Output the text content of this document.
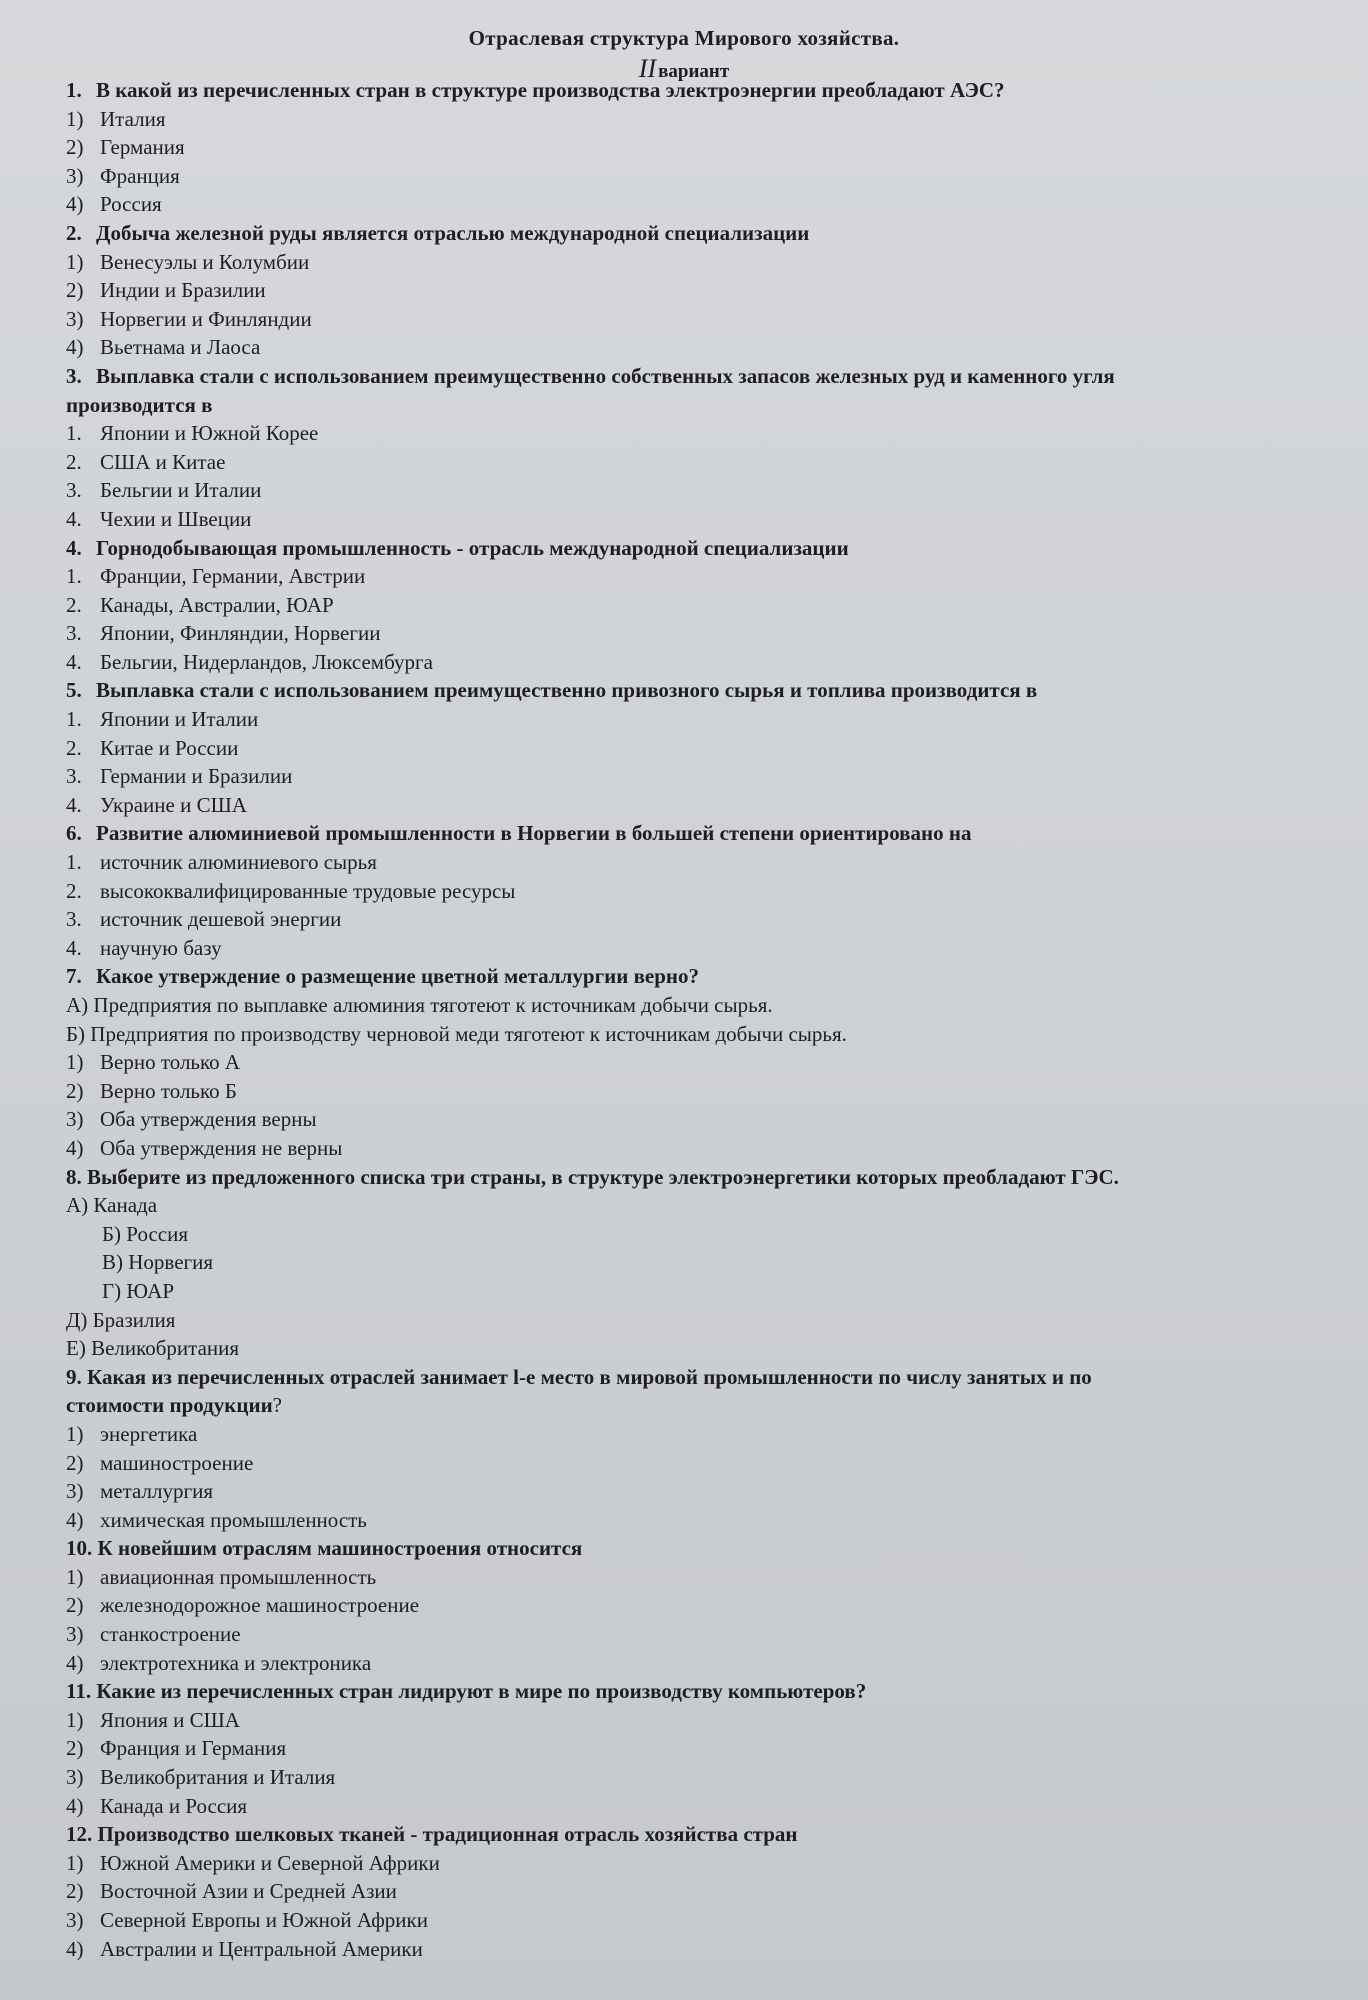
Отраслевая структура Мирового хозяйства.
II вариант
1. В какой из перечисленных стран в структуре производства электроэнергии преобладают АЭС?
1) Италия
2) Германия
3) Франция
4) Россия
2. Добыча железной руды является отраслью международной специализации
1) Венесуэлы и Колумбии
2) Индии и Бразилии
3) Норвегии и Финляндии
4) Вьетнама и Лаоса
3. Выплавка стали с использованием преимущественно собственных запасов железных руд и каменного угля
производится в
1. Японии и Южной Корее
2. США и Китае
3. Бельгии и Италии
4. Чехии и Швеции
4. Горнодобывающая промышленность - отрасль международной специализации
1. Франции, Германии, Австрии
2. Канады, Австралии, ЮАР
3. Японии, Финляндии, Норвегии
4. Бельгии, Нидерландов, Люксембурга
5. Выплавка стали с использованием преимущественно привозного сырья и топлива производится в
1. Японии и Италии
2. Китае и России
3. Германии и Бразилии
4. Украине и США
6. Развитие алюминиевой промышленности в Норвегии в большей степени ориентировано на
1. источник алюминиевого сырья
2. высококвалифицированные трудовые ресурсы
3. источник дешевой энергии
4. научную базу
7. Какое утверждение о размещение цветной металлургии верно?
А) Предприятия по выплавке алюминия тяготеют к источникам добычи сырья.
Б) Предприятия по производству черновой меди тяготеют к источникам добычи сырья.
1) Верно только А
2) Верно только Б
3) Оба утверждения верны
4) Оба утверждения не верны
8. Выберите из предложенного списка три страны, в структуре электроэнергетики которых преобладают ГЭС.
А) Канада
Б) Россия
В) Норвегия
Г) ЮАР
Д) Бразилия
Е) Великобритания
9. Какая из перечисленных отраслей занимает l-е место в мировой промышленности по числу занятых и по
стоимости продукции?
1) энергетика
2) машиностроение
3) металлургия
4) химическая промышленность
10. К новейшим отраслям машиностроения относится
1) авиационная промышленность
2) железнодорожное машиностроение
3) станкостроение
4) электротехника и электроника
11. Какие из перечисленных стран лидируют в мире по производству компьютеров?
1) Япония и США
2) Франция и Германия
3) Великобритания и Италия
4) Канада и Россия
12. Производство шелковых тканей - традиционная отрасль хозяйства стран
1) Южной Америки и Северной Африки
2) Восточной Азии и Средней Азии
3) Северной Европы и Южной Африки
4) Австралии и Центральной Америки
